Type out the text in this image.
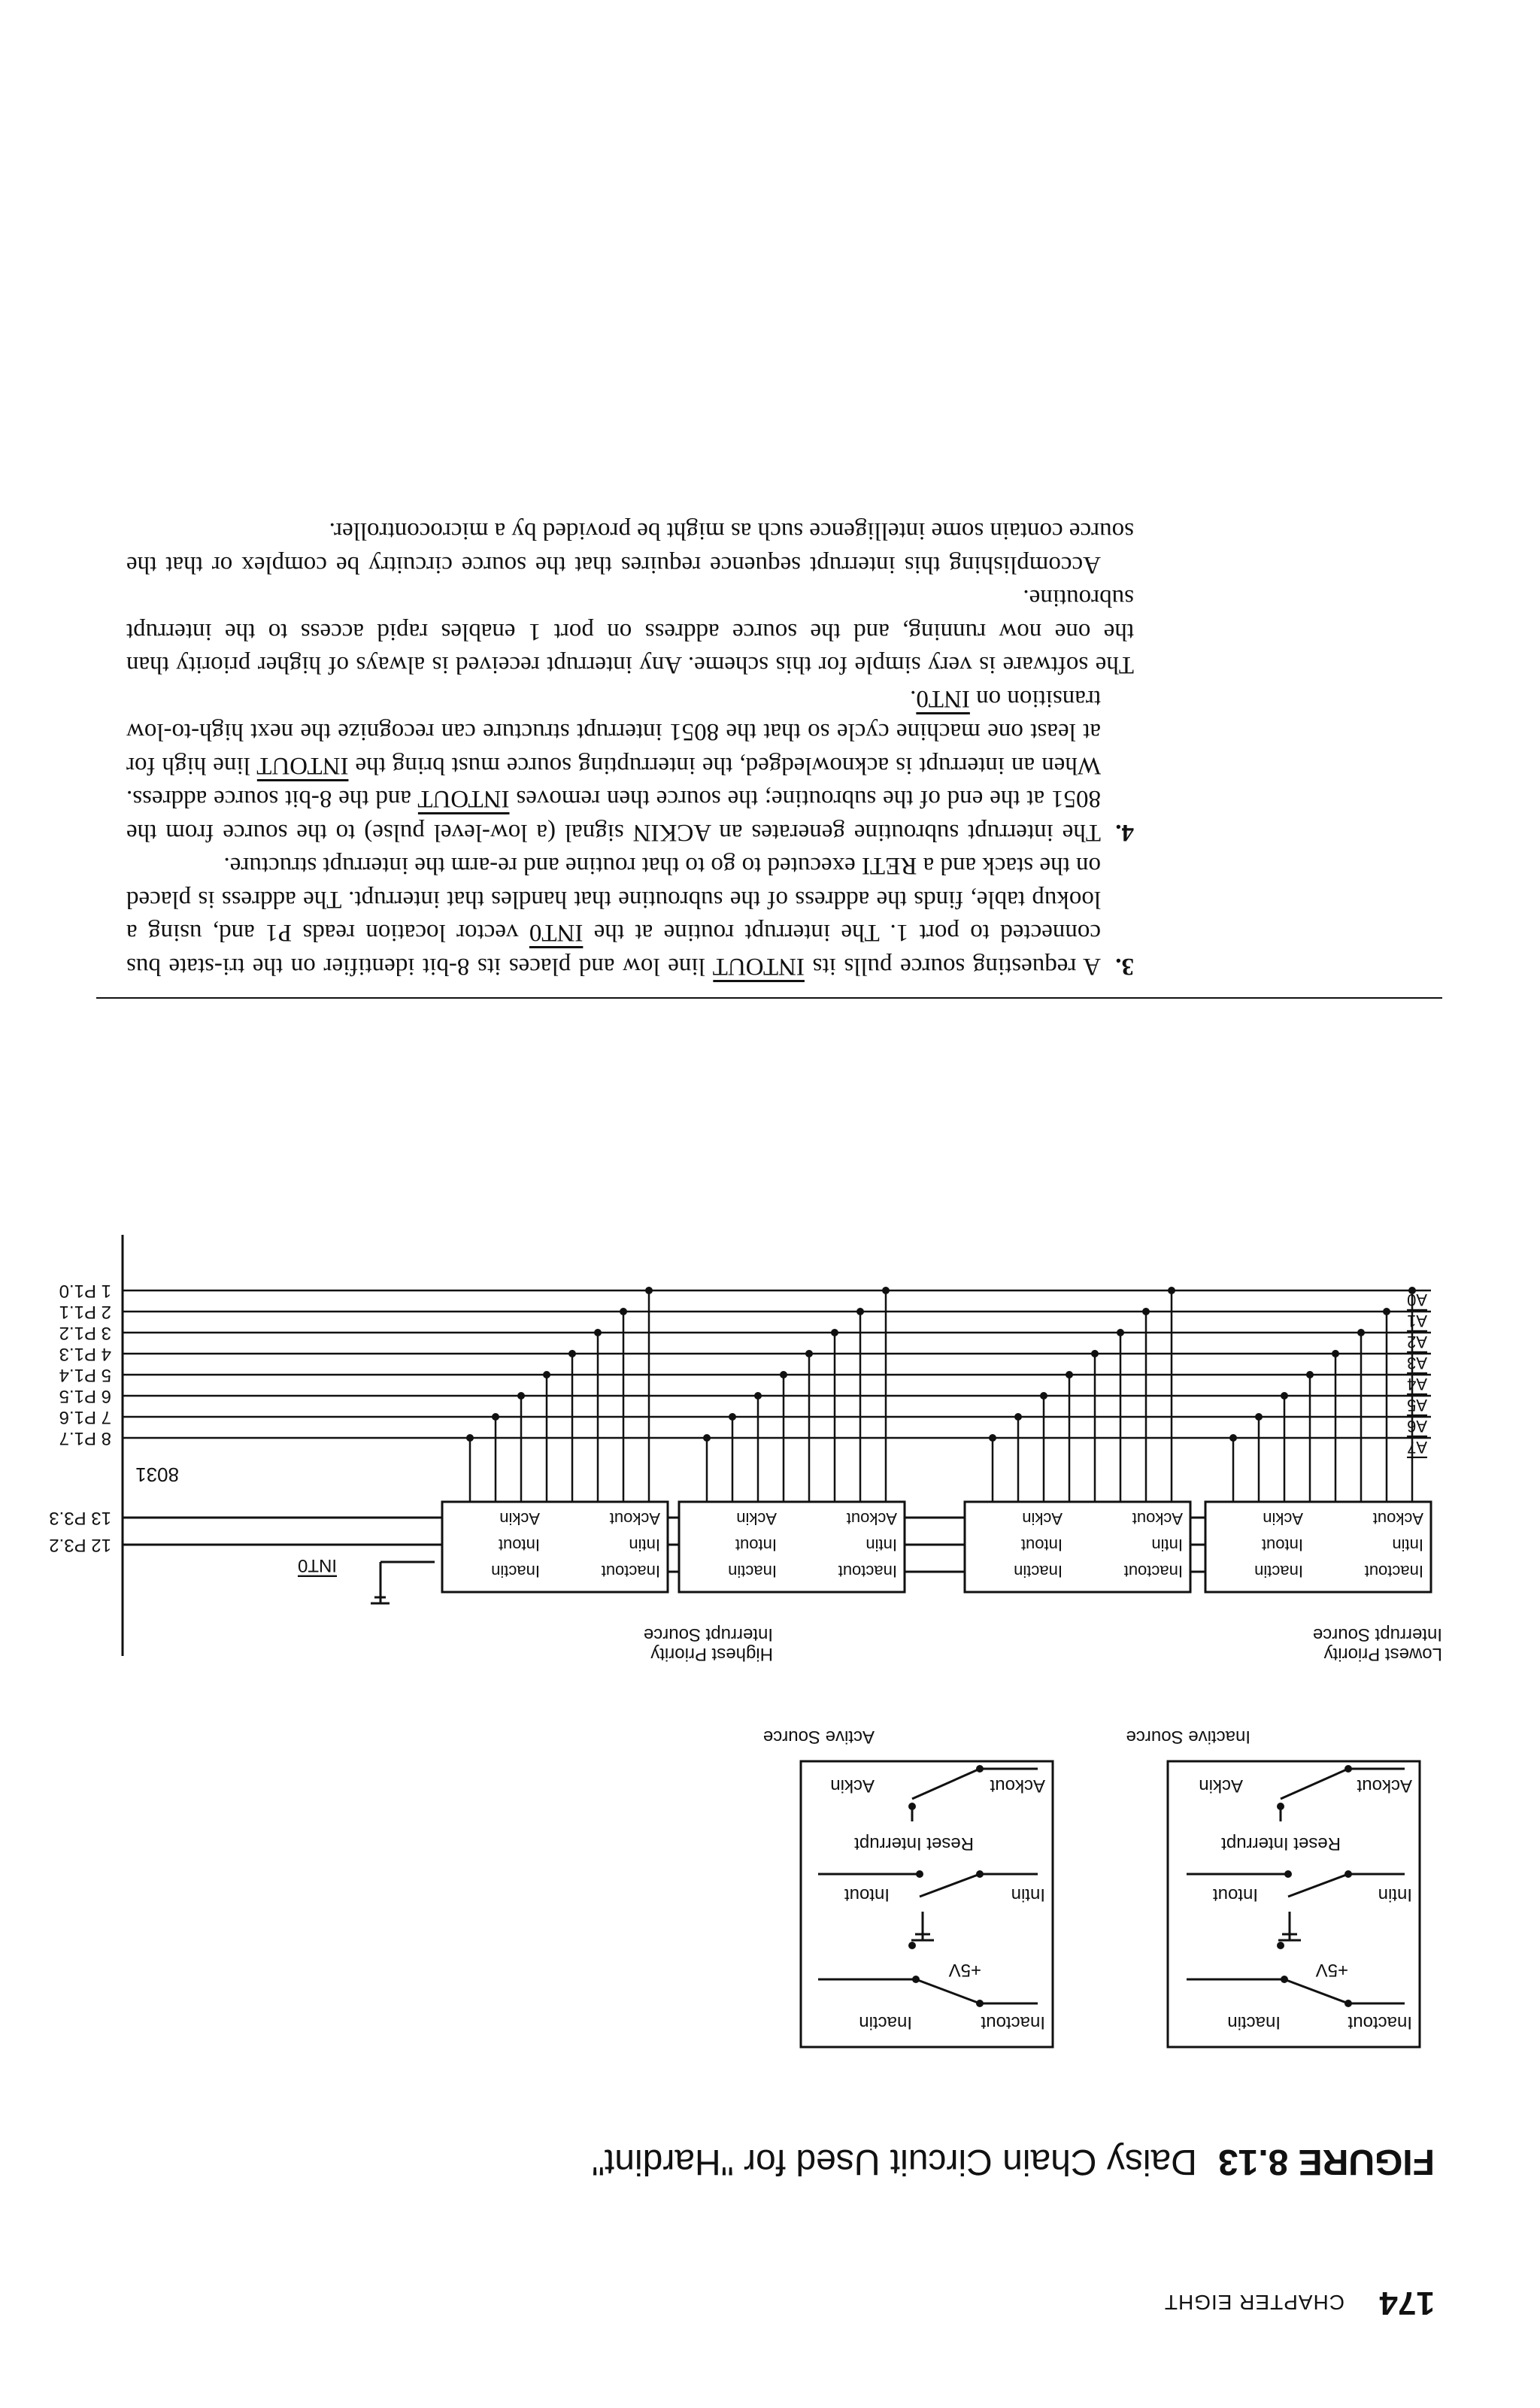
174
CHAPTER EIGHT
FIGURE 8.13Daisy Chain Circuit Used for "Hardint"
Inactout
Inactin
+5V
Intin
Intout
Reset Interrupt
Ackout
Ackin
Inactive Source
Inactout
Inactin
+5V
Intin
Intout
Reset Interrupt
Ackout
Ackin
Active Source
Lowest Priority
Interrupt Source
Highest Priority
Interrupt Source
Inactout
Inactin
Intin
Intout
Ackout
Ackin
Inactout
Inactin
Intin
Intout
Ackout
Ackin
Inactout
Inactin
Intin
Intout
Ackout
Ackin
Inactout
Inactin
Intin
Intout
Ackout
Ackin
INT0
A0
A1
A2
A3
A4
A5
A6
A7
8031
12 P3.2
13 P3.3
1 P1.0
2 P1.1
3 P1.2
4 P1.3
5 P1.4
6 P1.5
7 P1.6
8 P1.7
3.
A requesting source pulls its INTOUT line low and places its 8-bit identifier on the tri-state bus connected to port 1. The interrupt routine at the INT0 vector location reads P1 and, using a lookup table, finds the address of the subroutine that handles that interrupt. The address is placed on the stack and a RETI executed to go to that routine and re-arm the interrupt structure.
4.
The interrupt subroutine generates an ACKIN signal (a low-level pulse) to the source from the 8051 at the end of the subroutine; the source then removes INTOUT and the 8-bit source address. When an interrupt is acknowledged, the interrupting source must bring the INTOUT line high for at least one machine cycle so that the 8051 interrupt structure can recognize the next high-to-low transition on INT0.

The software is very simple for this scheme. Any interrupt received is always of higher priority than the one now running, and the source address on port 1 enables rapid access to the interrupt subroutine.

Accomplishing this interrupt sequence requires that the source circuitry be complex or that the source contain some intelligence such as might be provided by a microcontroller.
